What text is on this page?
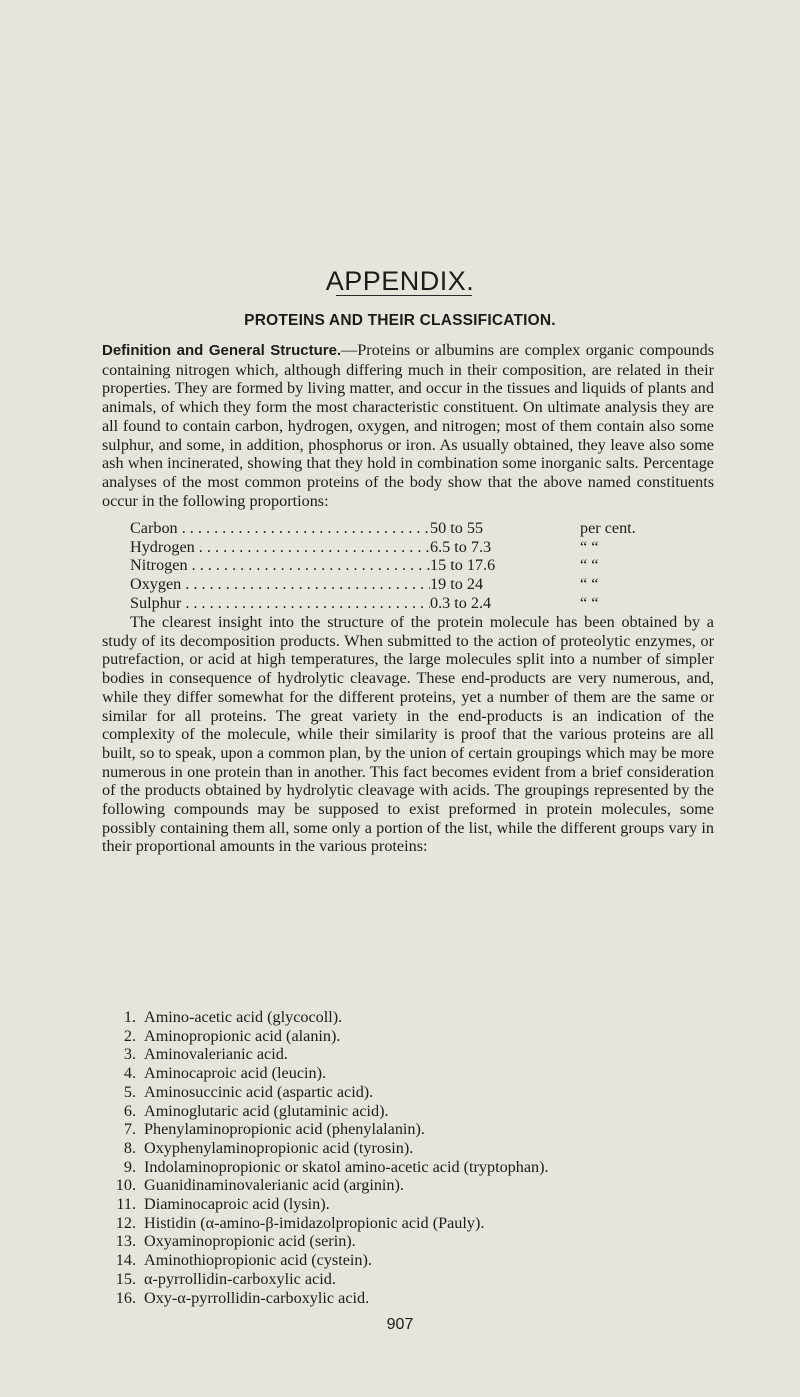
APPENDIX.
PROTEINS AND THEIR CLASSIFICATION.

Definition and General Structure.—Proteins or albumins are complex organic compounds containing nitrogen which, although differing much in their composition, are related in their properties. They are formed by living matter, and occur in the tissues and liquids of plants and animals, of which they form the most characteristic constituent. On ultimate analysis they are all found to contain carbon, hydrogen, oxygen, and nitrogen; most of them contain also some sulphur, and some, in addition, phosphorus or iron. As usually obtained, they leave also some ash when incinerated, showing that they hold in combination some inorganic salts. Percentage analyses of the most common proteins of the body show that the above named constituents occur in the following proportions:

Carbon . . .	50 to 55	per cent.
Hydrogen . . .	6.5 to 7.3	“ “
Nitrogen . . .	15 to 17.6	“ “
Oxygen . . .	19 to 24	“ “
Sulphur . . .	0.3 to 2.4	“ “

The clearest insight into the structure of the protein molecule has been obtained by a study of its decomposition products. When submitted to the action of proteolytic enzymes, or putrefaction, or acid at high temperatures, the large molecules split into a number of simpler bodies in consequence of hydrolytic cleavage. These end-products are very numerous, and, while they differ somewhat for the different proteins, yet a number of them are the same or similar for all proteins. The great variety in the end-products is an indication of the complexity of the molecule, while their similarity is proof that the various proteins are all built, so to speak, upon a common plan, by the union of certain groupings which may be more numerous in one protein than in another. This fact becomes evident from a brief consideration of the products obtained by hydrolytic cleavage with acids. The groupings represented by the following compounds may be supposed to exist preformed in protein molecules, some possibly containing them all, some only a portion of the list, while the different groups vary in their proportional amounts in the various proteins:

1. Amino-acetic acid (glycocoll).
2. Aminopropionic acid (alanin).
3. Aminovalerianic acid.
4. Aminocaproic acid (leucin).
5. Aminosuccinic acid (aspartic acid).
6. Aminoglutaric acid (glutaminic acid).
7. Phenylaminopropionic acid (phenylalanin).
8. Oxyphenylaminopropionic acid (tyrosin).
9. Indolaminopropionic or skatol amino-acetic acid (tryptophan).
10. Guanidinaminovalerianic acid (arginin).
11. Diaminocaproic acid (lysin).
12. Histidin (α-amino-β-imidazolpropionic acid (Pauly).
13. Oxyaminopropionic acid (serin).
14. Aminothiopropionic acid (cystein).
15. α-pyrrollidin-carboxylic acid.
16. Oxy-α-pyrrollidin-carboxylic acid.
907
